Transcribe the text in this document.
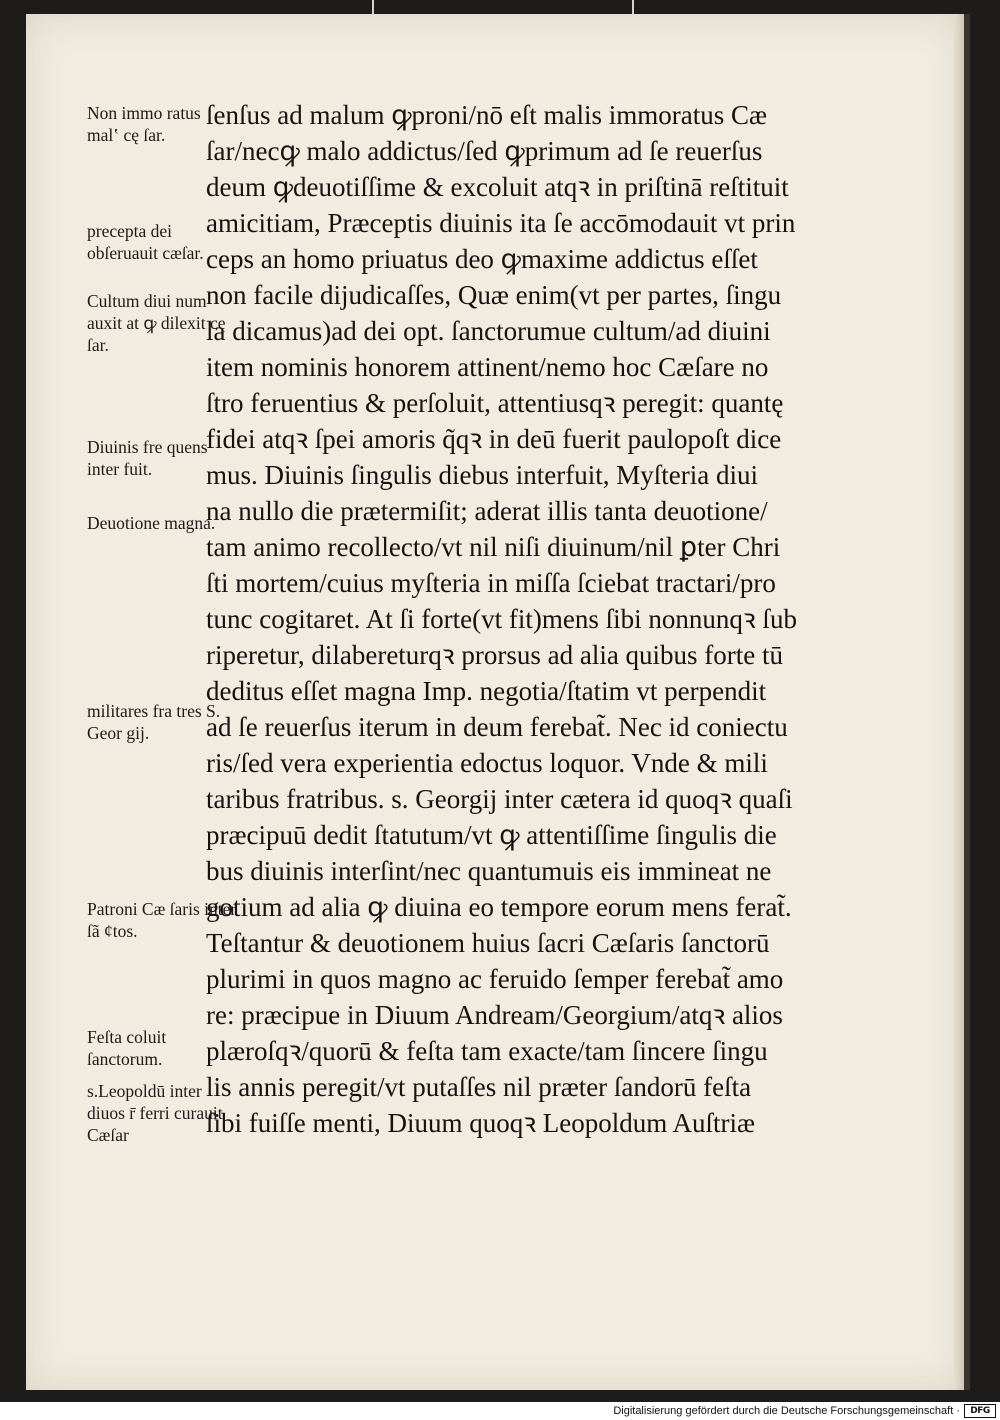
Non immo ratus malʽ cę ſar.

precepta dei obſeruauit cæſar.

Cultum diui num auxit at ꝙ dilexit cę ſar.

Diuinis fre quens inter fuit.

Deuotione magna.

militares fra tres S. Geor gij.

Patroni Cæ ſaris inter ſã ¢tos.

Feſta coluit ſanctorum.

s.Leopoldū inter diuos r̄ ferri curauit Cæſar

ſenſus ad malum ꝙproni/nō eſt malis immoratus Cæ

ſar/necꝙ malo addictus/ſed ꝙprimum ad ſe reuerſus

deum ꝙdeuotiſſime & excoluit atqꝛ in priſtinā reſtituit

amicitiam, Præceptis diuinis ita ſe accōmodauit vt prin

ceps an homo priuatus deo ꝙmaxime addictus eſſet

non facile dijudicaſſes, Quæ enim(vt per partes, ſingu

la dicamus)ad dei opt. ſanctorumue cultum/ad diuini

item nominis honorem attinent/nemo hoc Cæſare no

ſtro feruentius & perſoluit, attentiusqꝛ peregit: quantę

fidei atqꝛ ſpei amoris q̃qꝛ in deū fuerit paulopoſt dice

mus. Diuinis ſingulis diebus interfuit, Myſteria diui

na nullo die prætermiſit; aderat illis tanta deuotione/

tam animo recollecto/vt nil niſi diuinum/nil ꝑter Chri

ſti mortem/cuius myſteria in miſſa ſciebat tractari/pro

tunc cogitaret. At ſi forte(vt fit)mens ſibi nonnunqꝛ ſub

riperetur, dilabereturqꝛ prorsus ad alia quibus forte tū

deditus eſſet magna Imp. negotia/ſtatim vt perpendit

ad ſe reuerſus iterum in deum ferebat̃. Nec id coniectu

ris/ſed vera experientia edoctus loquor. Vnde & mili

taribus fratribus. s. Georgij inter cætera id quoqꝛ quaſi

præcipuū dedit ſtatutum/vt ꝙ attentiſſime ſingulis die

bus diuinis interſint/nec quantumuis eis immineat ne

gotium ad alia ꝙ diuina eo tempore eorum mens ferat̃.

Teſtantur & deuotionem huius ſacri Cæſaris ſanctorū

plurimi in quos magno ac feruido ſemper ferebat̃ amo

re: præcipue in Diuum Andream/Georgium/atqꝛ alios

plæroſqꝛ/quorū & feſta tam exacte/tam ſincere ſingu

lis annis peregit/vt putaſſes nil præter ſandorū feſta

ſibi fuiſſe menti, Diuum quoqꝛ Leopoldum Auſtriæ

Digitalisierung gefördert durch die Deutsche Forschungsgemeinschaft ·	DFG
